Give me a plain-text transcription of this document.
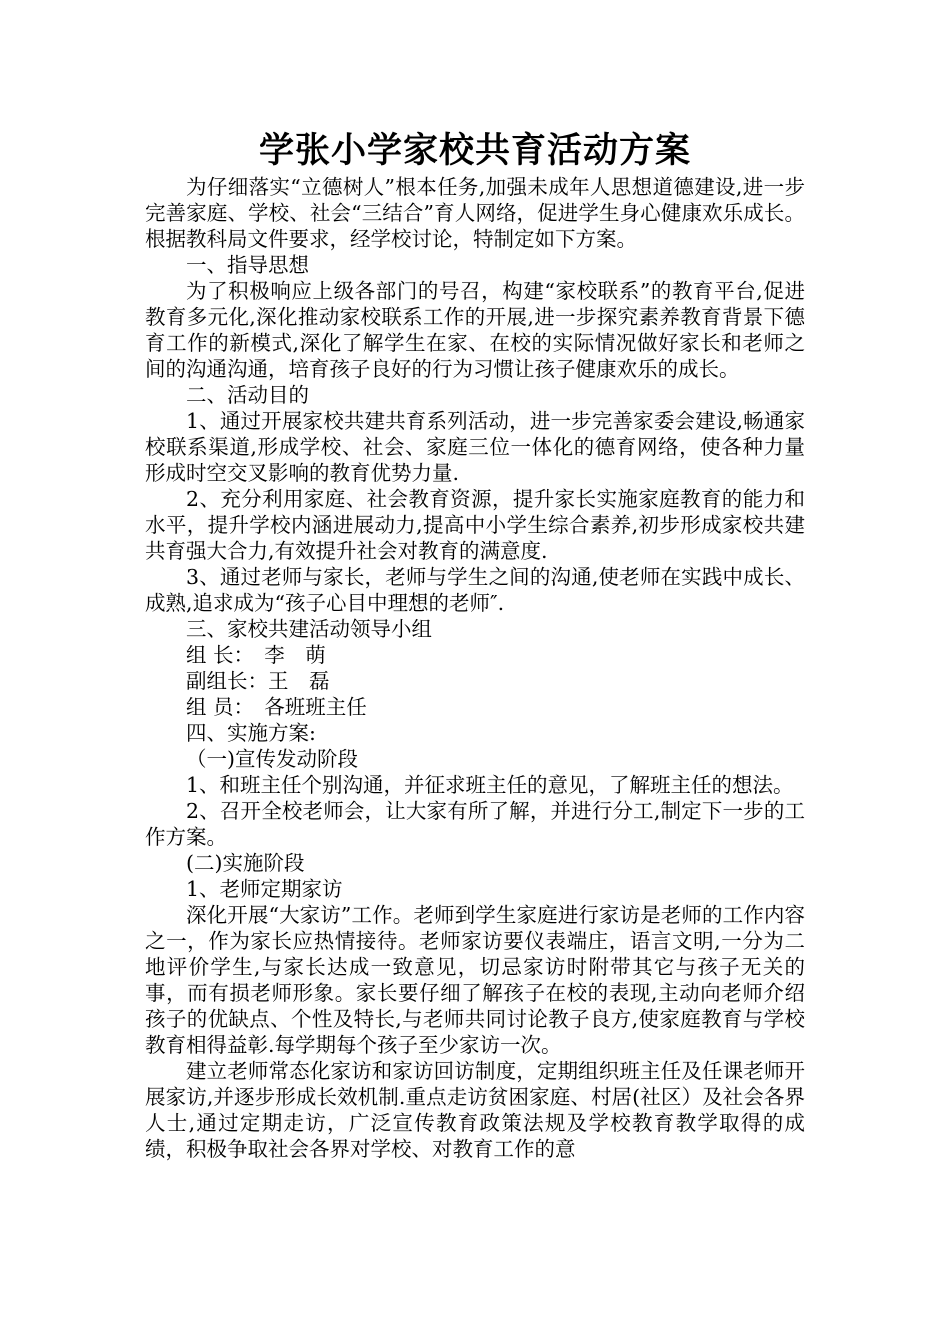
学张小学家校共育活动方案

为仔细落实“立德树人”根本任务,加强未成年人思想道德建设,进一步完善家庭、学校、社会“三结合”育人网络，促进学生身心健康欢乐成长。根据教科局文件要求，经学校讨论，特制定如下方案。

一、指导思想

为了积极响应上级各部门的号召，构建“家校联系”的教育平台,促进教育多元化,深化推动家校联系工作的开展,进一步探究素养教育背景下德育工作的新模式,深化了解学生在家、在校的实际情况做好家长和老师之间的沟通沟通，培育孩子良好的行为习惯让孩子健康欢乐的成长。

二、活动目的

1、通过开展家校共建共育系列活动，进一步完善家委会建设,畅通家校联系渠道,形成学校、社会、家庭三位一体化的德育网络，使各种力量形成时空交叉影响的教育优势力量.

2、充分利用家庭、社会教育资源，提升家长实施家庭教育的能力和水平，提升学校内涵进展动力,提高中小学生综合素养,初步形成家校共建共育强大合力,有效提升社会对教育的满意度.

3、通过老师与家长，老师与学生之间的沟通,使老师在实践中成长、成熟,追求成为“孩子心目中理想的老师″.

三、家校共建活动领导小组

组 长：　李　萌

副组长：王　磊

组 员：　各班班主任

四、实施方案:

（一)宣传发动阶段

1、和班主任个别沟通，并征求班主任的意见，了解班主任的想法。

2、召开全校老师会，让大家有所了解，并进行分工,制定下一步的工作方案。

(二)实施阶段

1、老师定期家访

深化开展“大家访”工作。老师到学生家庭进行家访是老师的工作内容之一，作为家长应热情接待。老师家访要仪表端庄，语言文明,一分为二地评价学生,与家长达成一致意见，切忌家访时附带其它与孩子无关的事，而有损老师形象。家长要仔细了解孩子在校的表现,主动向老师介绍孩子的优缺点、个性及特长,与老师共同讨论教子良方,使家庭教育与学校教育相得益彰.每学期每个孩子至少家访一次。

建立老师常态化家访和家访回访制度，定期组织班主任及任课老师开展家访,并逐步形成长效机制.重点走访贫困家庭、村居(社区）及社会各界人士,通过定期走访，广泛宣传教育政策法规及学校教育教学取得的成绩，积极争取社会各界对学校、对教育工作的意
